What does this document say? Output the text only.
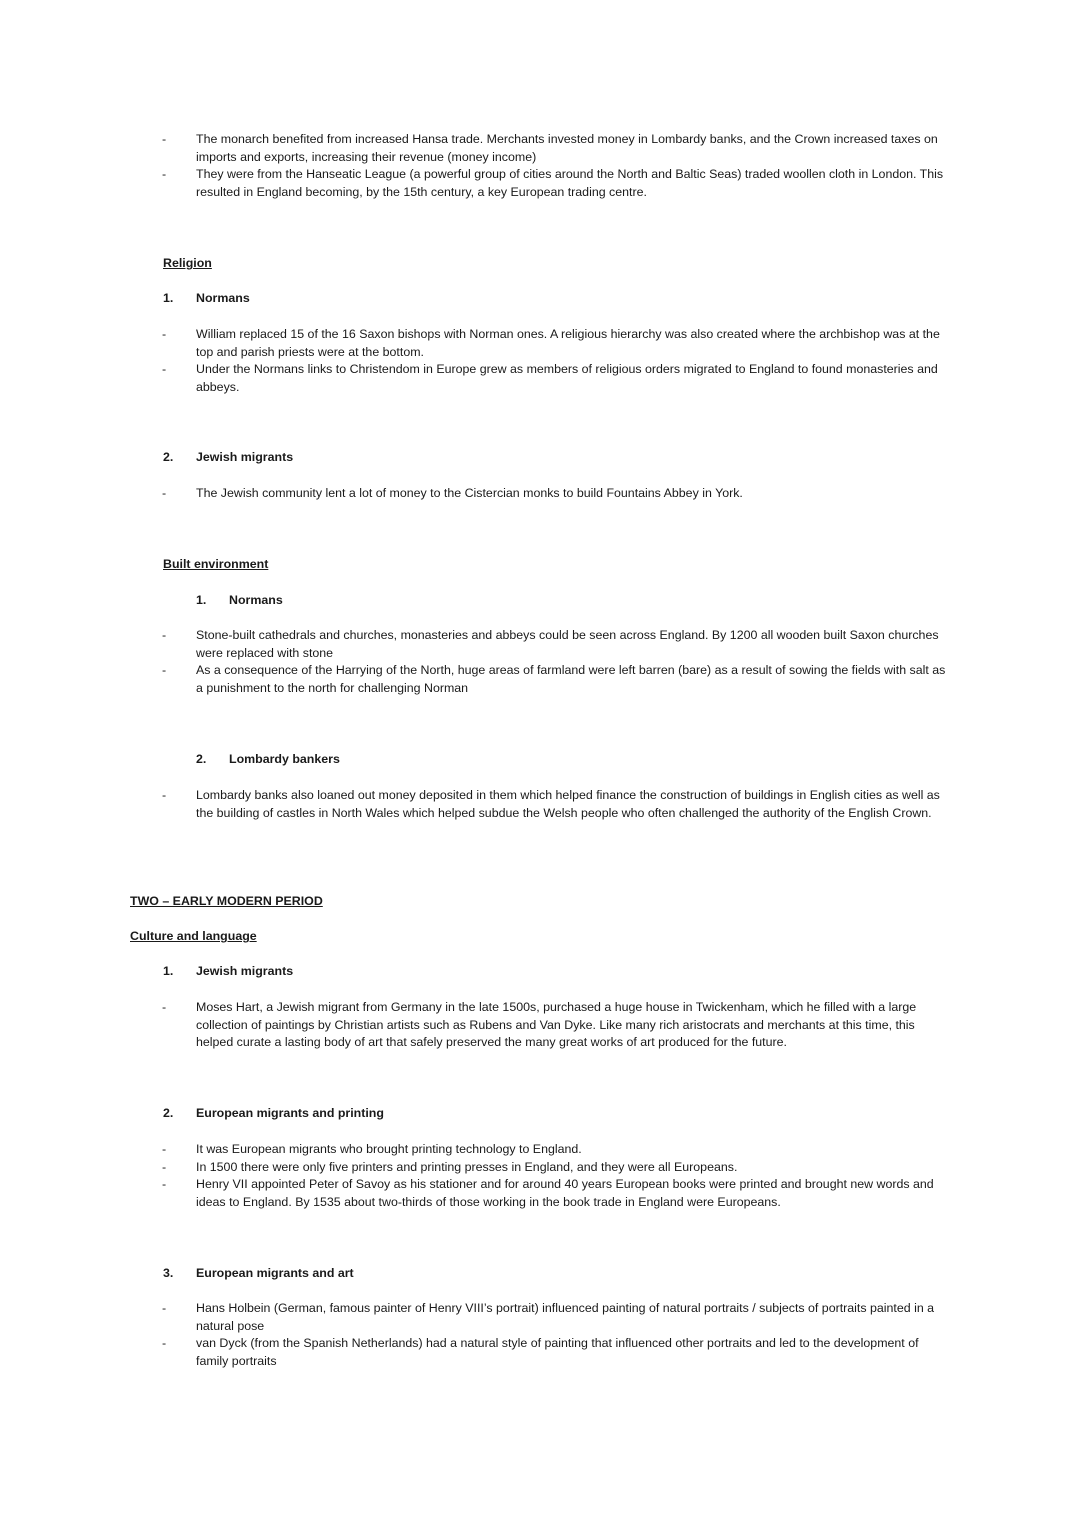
-	The monarch benefited from increased Hansa trade. Merchants invested money in Lombardy banks, and the Crown increased taxes on imports and exports, increasing their revenue (money income)
-	They were from the Hanseatic League (a powerful group of cities around the North and Baltic Seas) traded woollen cloth in London. This resulted in England becoming, by the 15th century, a key European trading centre.
Religion
1.	Normans
-	William replaced 15 of the 16 Saxon bishops with Norman ones. A religious hierarchy was also created where the archbishop was at the top and parish priests were at the bottom.
-	Under the Normans links to Christendom in Europe grew as members of religious orders migrated to England to found monasteries and abbeys.
2.	Jewish migrants
-	The Jewish community lent a lot of money to the Cistercian monks to build Fountains Abbey in York.
Built environment
1.	Normans
-	Stone-built cathedrals and churches, monasteries and abbeys could be seen across England. By 1200 all wooden built Saxon churches were replaced with stone
-	As a consequence of the Harrying of the North, huge areas of farmland were left barren (bare) as a result of sowing the fields with salt as a punishment to the north for challenging Norman
2.	Lombardy bankers
-	Lombardy banks also loaned out money deposited in them which helped finance the construction of buildings in English cities as well as the building of castles in North Wales which helped subdue the Welsh people who often challenged the authority of the English Crown.
TWO – EARLY MODERN PERIOD
Culture and language
1.	Jewish migrants
-	Moses Hart, a Jewish migrant from Germany in the late 1500s, purchased a huge house in Twickenham, which he filled with a large collection of paintings by Christian artists such as Rubens and Van Dyke. Like many rich aristocrats and merchants at this time, this helped curate a lasting body of art that safely preserved the many great works of art produced for the future.
2.	European migrants and printing
-	It was European migrants who brought printing technology to England.
-	In 1500 there were only five printers and printing presses in England, and they were all Europeans.
-	Henry VII appointed Peter of Savoy as his stationer and for around 40 years European books were printed and brought new words and ideas to England. By 1535 about two-thirds of those working in the book trade in England were Europeans.
3.	European migrants and art
-	Hans Holbein (German, famous painter of Henry VIII’s portrait) influenced painting of natural portraits / subjects of portraits painted in a natural pose
-	van Dyck (from the Spanish Netherlands) had a natural style of painting that influenced other portraits and led to the development of family portraits
